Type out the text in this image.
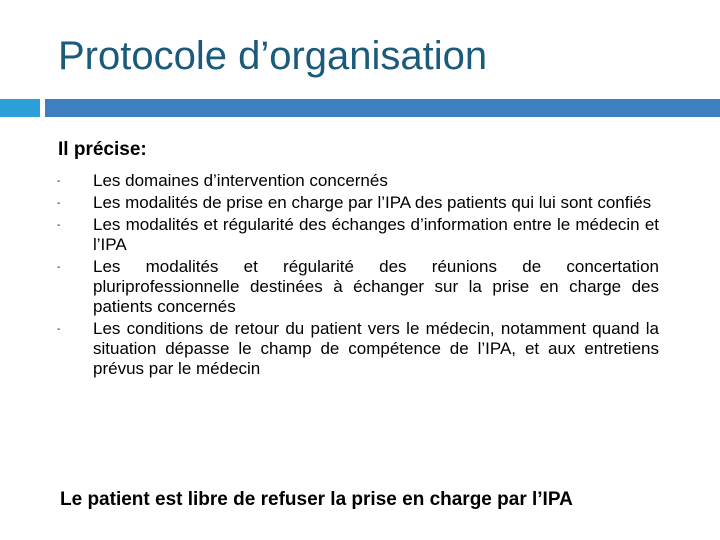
Protocole d’organisation

Il précise:

- Les domaines d’intervention concernés
- Les modalités de prise en charge par l’IPA des patients qui lui sont confiés
- Les modalités et régularité des échanges d’information entre le médecin et l’IPA
- Les modalités et régularité des réunions de concertation pluriprofessionnelle destinées à échanger sur la prise en charge des patients concernés
- Les conditions de retour du patient vers le médecin, notamment quand la situation dépasse le champ de compétence de l’IPA, et aux entretiens prévus par le médecin

Le patient est libre de refuser la prise en charge par l’IPA
